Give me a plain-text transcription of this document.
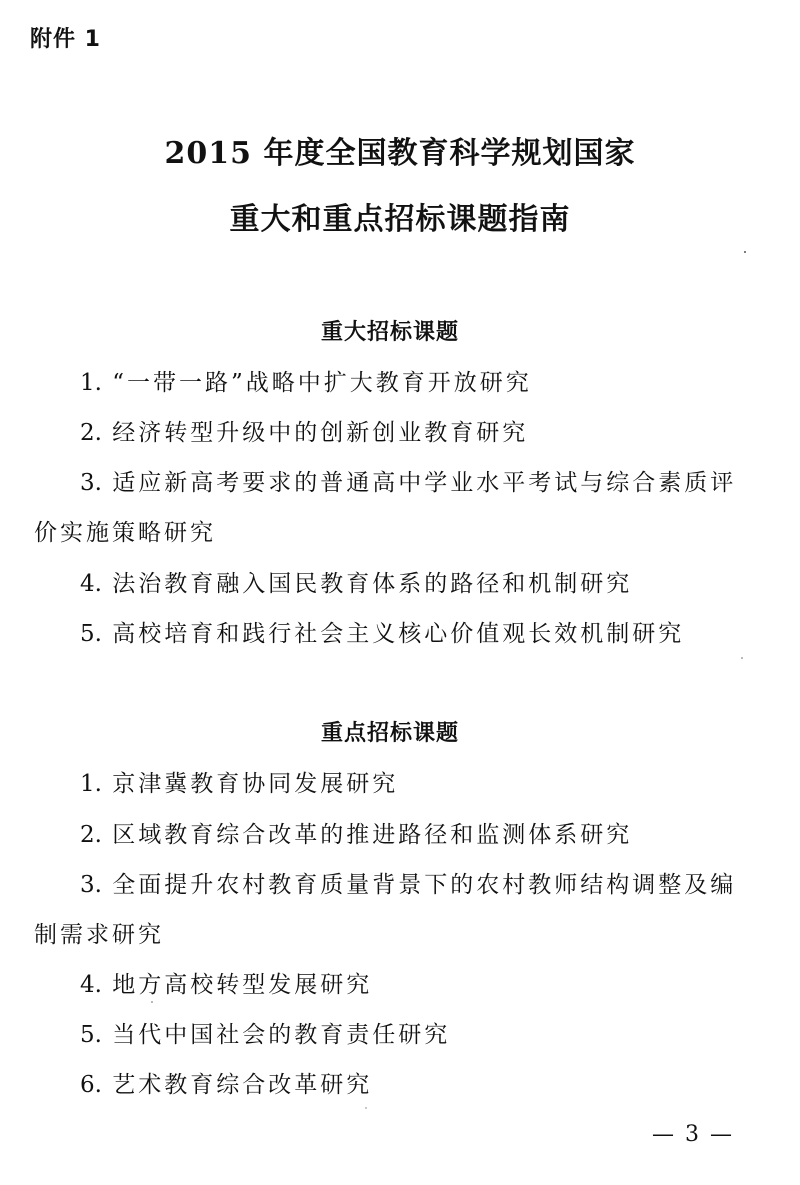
附件 1
2015 年度全国教育科学规划国家
重大和重点招标课题指南
重大招标课题
1. “一带一路”战略中扩大教育开放研究
2. 经济转型升级中的创新创业教育研究
3. 适应新高考要求的普通高中学业水平考试与综合素质评
价实施策略研究
4. 法治教育融入国民教育体系的路径和机制研究
5. 高校培育和践行社会主义核心价值观长效机制研究
重点招标课题
1. 京津冀教育协同发展研究
2. 区域教育综合改革的推进路径和监测体系研究
3. 全面提升农村教育质量背景下的农村教师结构调整及编
制需求研究
4. 地方高校转型发展研究
5. 当代中国社会的教育责任研究
6. 艺术教育综合改革研究
— 3 —
